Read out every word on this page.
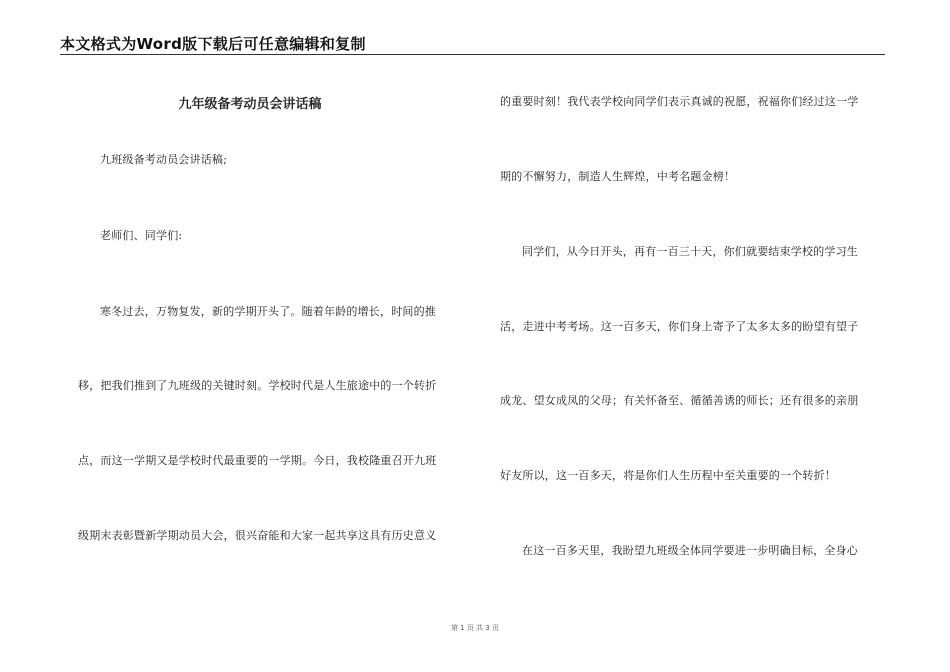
本文格式为Word版下载后可任意编辑和复制
九年级备考动员会讲话稿
九班级备考动员会讲话稿;
老师们、同学们:
寒冬过去，万物复发，新的学期开头了。随着年龄的增长，时间的推
移，把我们推到了九班级的关键时刻。学校时代是人生旅途中的一个转折
点，而这一学期又是学校时代最重要的一学期。今日，我校隆重召开九班
级期末表彰暨新学期动员大会，很兴奋能和大家一起共享这具有历史意义
的重要时刻！我代表学校向同学们表示真诚的祝愿，祝福你们经过这一学
期的不懈努力，制造人生辉煌，中考名题金榜！
同学们，从今日开头，再有一百三十天，你们就要结束学校的学习生
活，走进中考考场。这一百多天，你们身上寄予了太多太多的盼望有望子
成龙、望女成凤的父母；有关怀备至、循循善诱的师长；还有很多的亲朋
好友所以，这一百多天，将是你们人生历程中至关重要的一个转折！
在这一百多天里，我盼望九班级全体同学要进一步明确目标，全身心
第 1 页 共 3 页
